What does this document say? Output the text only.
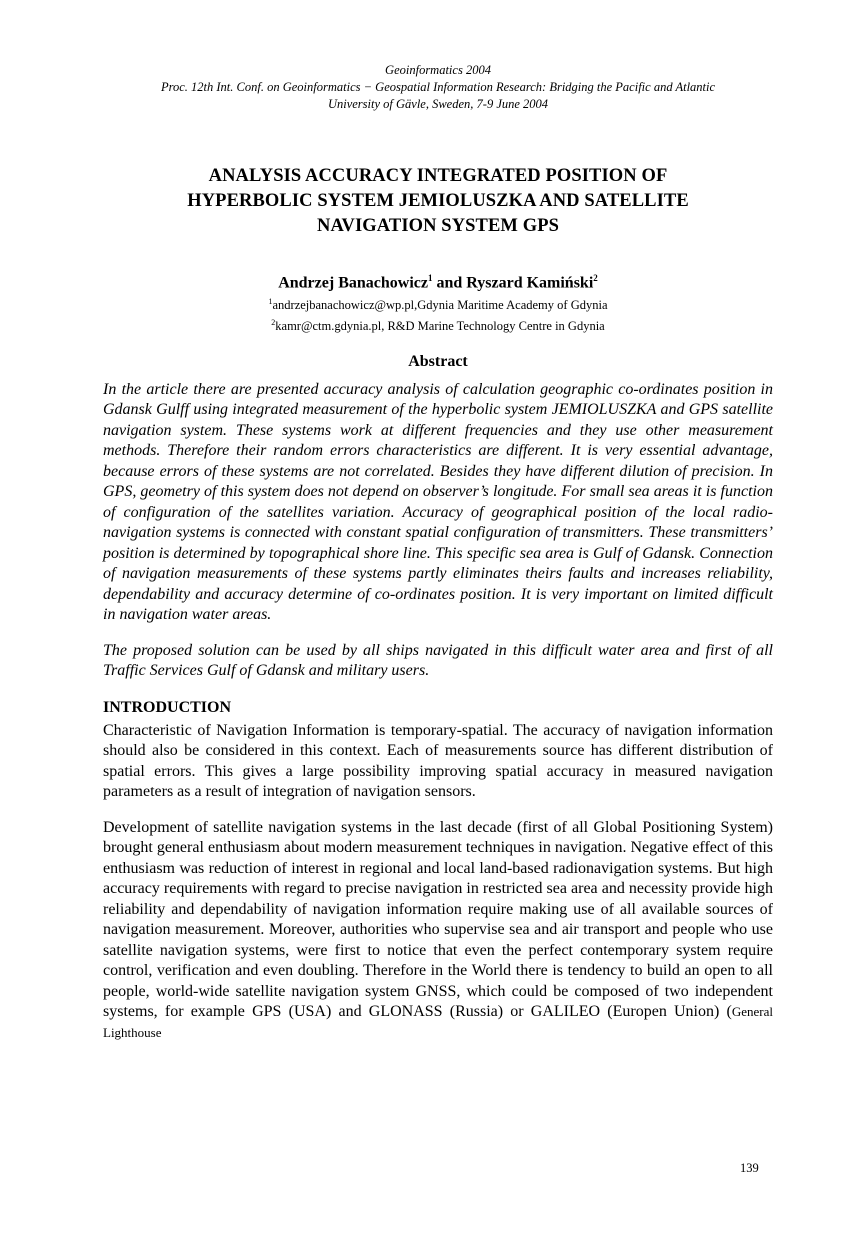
Geoinformatics 2004
Proc. 12th Int. Conf. on Geoinformatics − Geospatial Information Research: Bridging the Pacific and Atlantic
University of Gävle, Sweden, 7-9 June 2004
ANALYSIS ACCURACY INTEGRATED POSITION OF
HYPERBOLIC SYSTEM JEMIOLUSZKA AND SATELLITE
NAVIGATION SYSTEM GPS
Andrzej Banachowicz$^1$ and Ryszard Kamiński$^2$
$^1$andrzejbanachowicz@wp.pl,Gdynia Maritime Academy of Gdynia
$^2$kamr@ctm.gdynia.pl, R&D Marine Technology Centre in Gdynia
Abstract

In the article there are presented accuracy analysis of calculation geographic co-ordinates position in Gdansk Gulff using integrated measurement of the hyperbolic system JEMIOLUSZKA and GPS satellite navigation system. These systems work at different frequencies and they use other measurement methods. Therefore their random errors characteristics are different. It is very essential advantage, because errors of these systems are not correlated. Besides they have different dilution of precision. In GPS, geometry of this system does not depend on observer’s longitude. For small sea areas it is function of configuration of the satellites variation. Accuracy of geographical position of the local radio-navigation systems is connected with constant spatial configuration of transmitters. These transmitters’ position is determined by topographical shore line. This specific sea area is Gulf of Gdansk. Connection of navigation measurements of these systems partly eliminates theirs faults and increases reliability, dependability and accuracy determine of co-ordinates position. It is very important on limited difficult in navigation water areas.

The proposed solution can be used by all ships navigated in this difficult water area and first of all Traffic Services Gulf of Gdansk and military users.

INTRODUCTION

Characteristic of Navigation Information is temporary-spatial. The accuracy of navigation information should also be considered in this context. Each of measurements source has different distribution of spatial errors. This gives a large possibility improving spatial accuracy in measured navigation parameters as a result of integration of navigation sensors.

Development of satellite navigation systems in the last decade (first of all Global Positioning System) brought general enthusiasm about modern measurement techniques in navigation. Negative effect of this enthusiasm was reduction of interest in regional and local land-based radionavigation systems. But high accuracy requirements with regard to precise navigation in restricted sea area and necessity provide high reliability and dependability of navigation information require making use of all available sources of navigation measurement. Moreover, authorities who supervise sea and air transport and people who use satellite navigation systems, were first to notice that even the perfect contemporary system require control, verification and even doubling. Therefore in the World there is tendency to build an open to all people, world-wide satellite navigation system GNSS, which could be composed of two independent systems, for example GPS (USA) and GLONASS (Russia) or GALILEO (Europen Union) (General Lighthouse

139
